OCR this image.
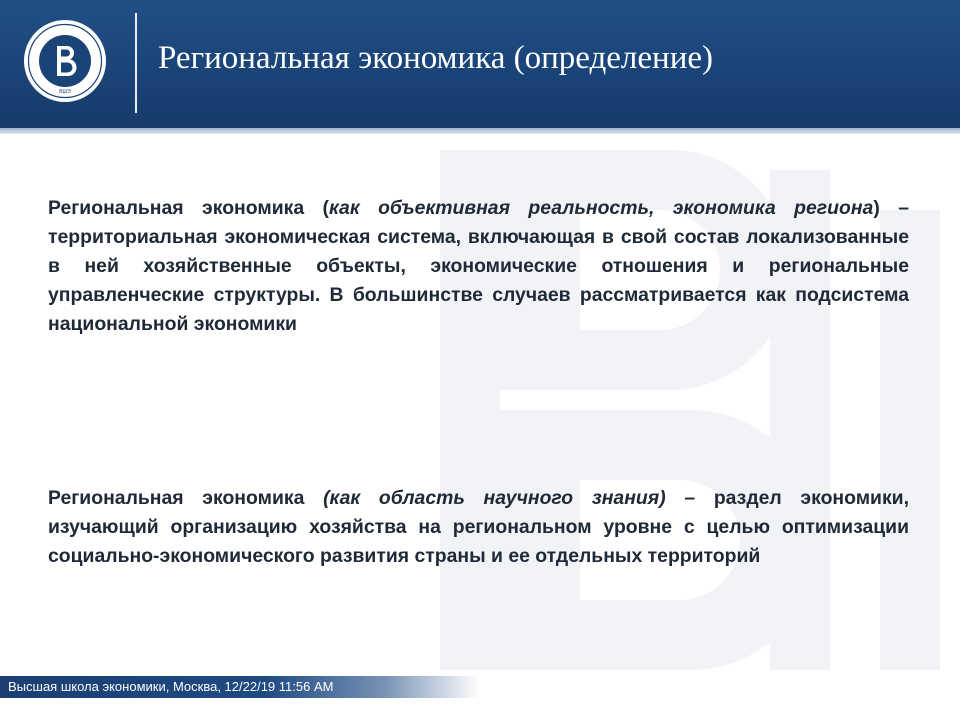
ВШЭ
Региональная экономика (определение)

Региональная экономика (как объективная реальность, экономика региона) – территориальная экономическая система, включающая в свой состав локализованные в ней хозяйственные объекты, экономические отношения и региональные управленческие структуры. В большинстве случаев рассматривается как подсистема национальной экономики

Региональная экономика (как область научного знания) – раздел экономики, изучающий организацию хозяйства на региональном уровне с целью оптимизации социально-экономического развития страны и ее отдельных территорий

Высшая школа экономики, Москва, 12/22/19 11:56 AM
